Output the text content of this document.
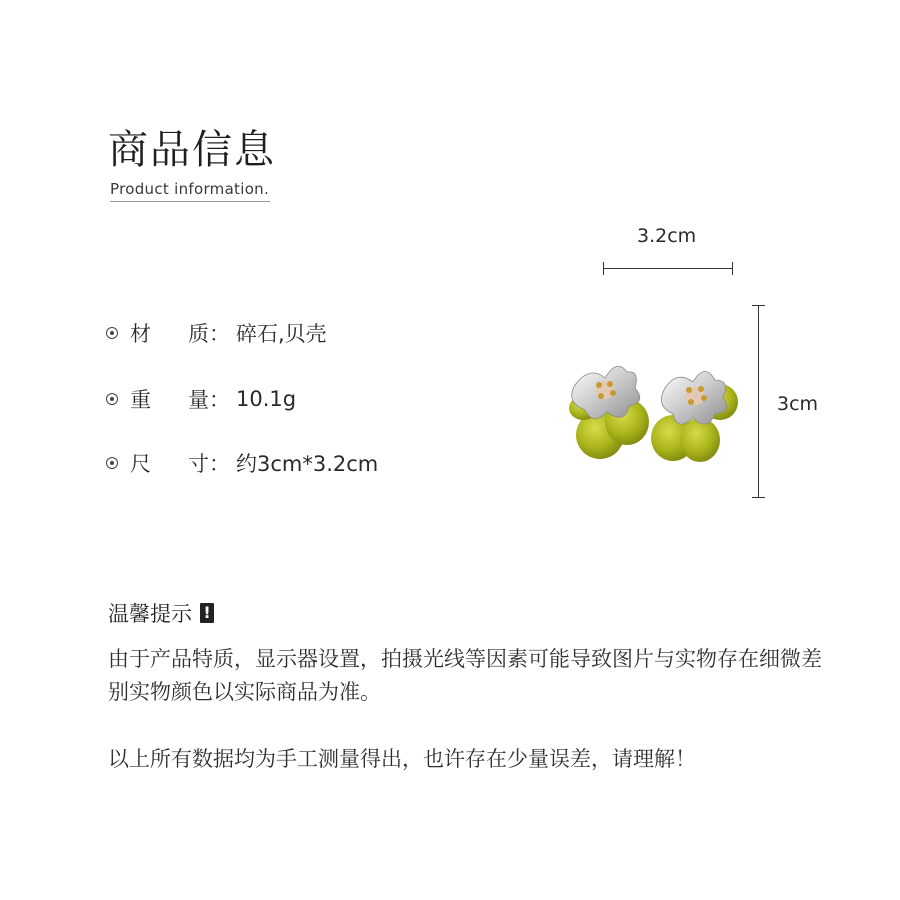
商品信息
Product information.
材	质 ： 碎石,贝壳
重	量 ： 10.1g
尺	寸 ： 约3cm*3.2cm
3.2cm
3cm
温馨提示 !
由于产品特质，显示器设置，拍摄光线等因素可能导致图片与实物存在细微差别实物颜色以实际商品为准。
以上所有数据均为手工测量得出，也许存在少量误差，请理解！
